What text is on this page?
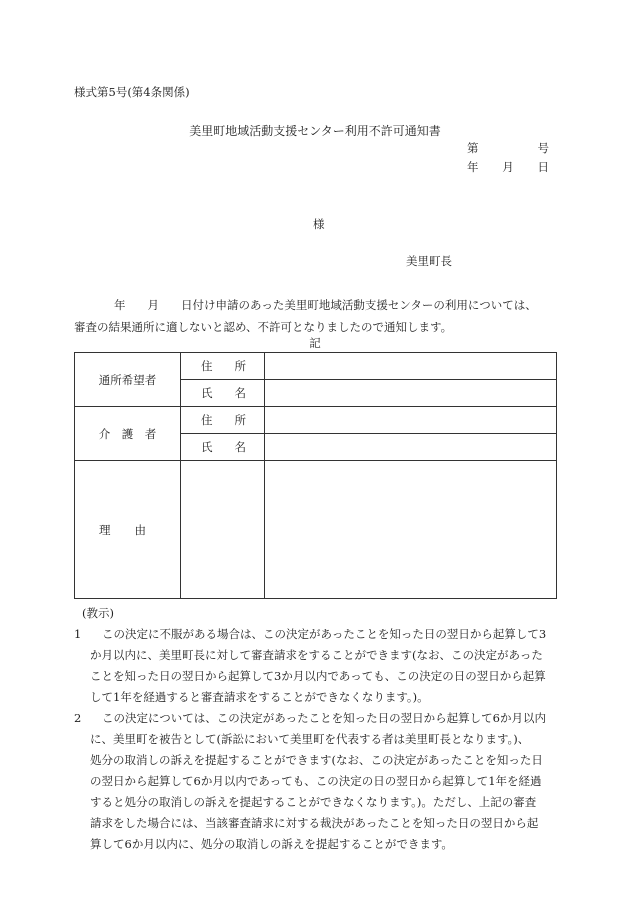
様式第5号(第4条関係)
美里町地域活動支援センター利用不許可通知書
第	号
年 月 日
様
美里町長

年 月 日付け申請のあった美里町地域活動支援センターの利用については、

審査の結果通所に適しないと認め、不許可となりましたので通知します。

記
通所希望者	住 所	

	氏 名	

介　護　者	住 所	

	氏 名	

理 由		

(教示)

1	この決定に不服がある場合は、この決定があったことを知った日の翌日から起算して3

か月以内に、美里町長に対して審査請求をすることができます(なお、この決定があった

ことを知った日の翌日から起算して3か月以内であっても、この決定の日の翌日から起算

して1年を経過すると審査請求をすることができなくなります。)。

2	この決定については、この決定があったことを知った日の翌日から起算して6か月以内

に、美里町を被告として(訴訟において美里町を代表する者は美里町長となります。)、

処分の取消しの訴えを提起することができます(なお、この決定があったことを知った日

の翌日から起算して6か月以内であっても、この決定の日の翌日から起算して1年を経過

すると処分の取消しの訴えを提起することができなくなります。)。ただし、上記の審査

請求をした場合には、当該審査請求に対する裁決があったことを知った日の翌日から起

算して6か月以内に、処分の取消しの訴えを提起することができます。
